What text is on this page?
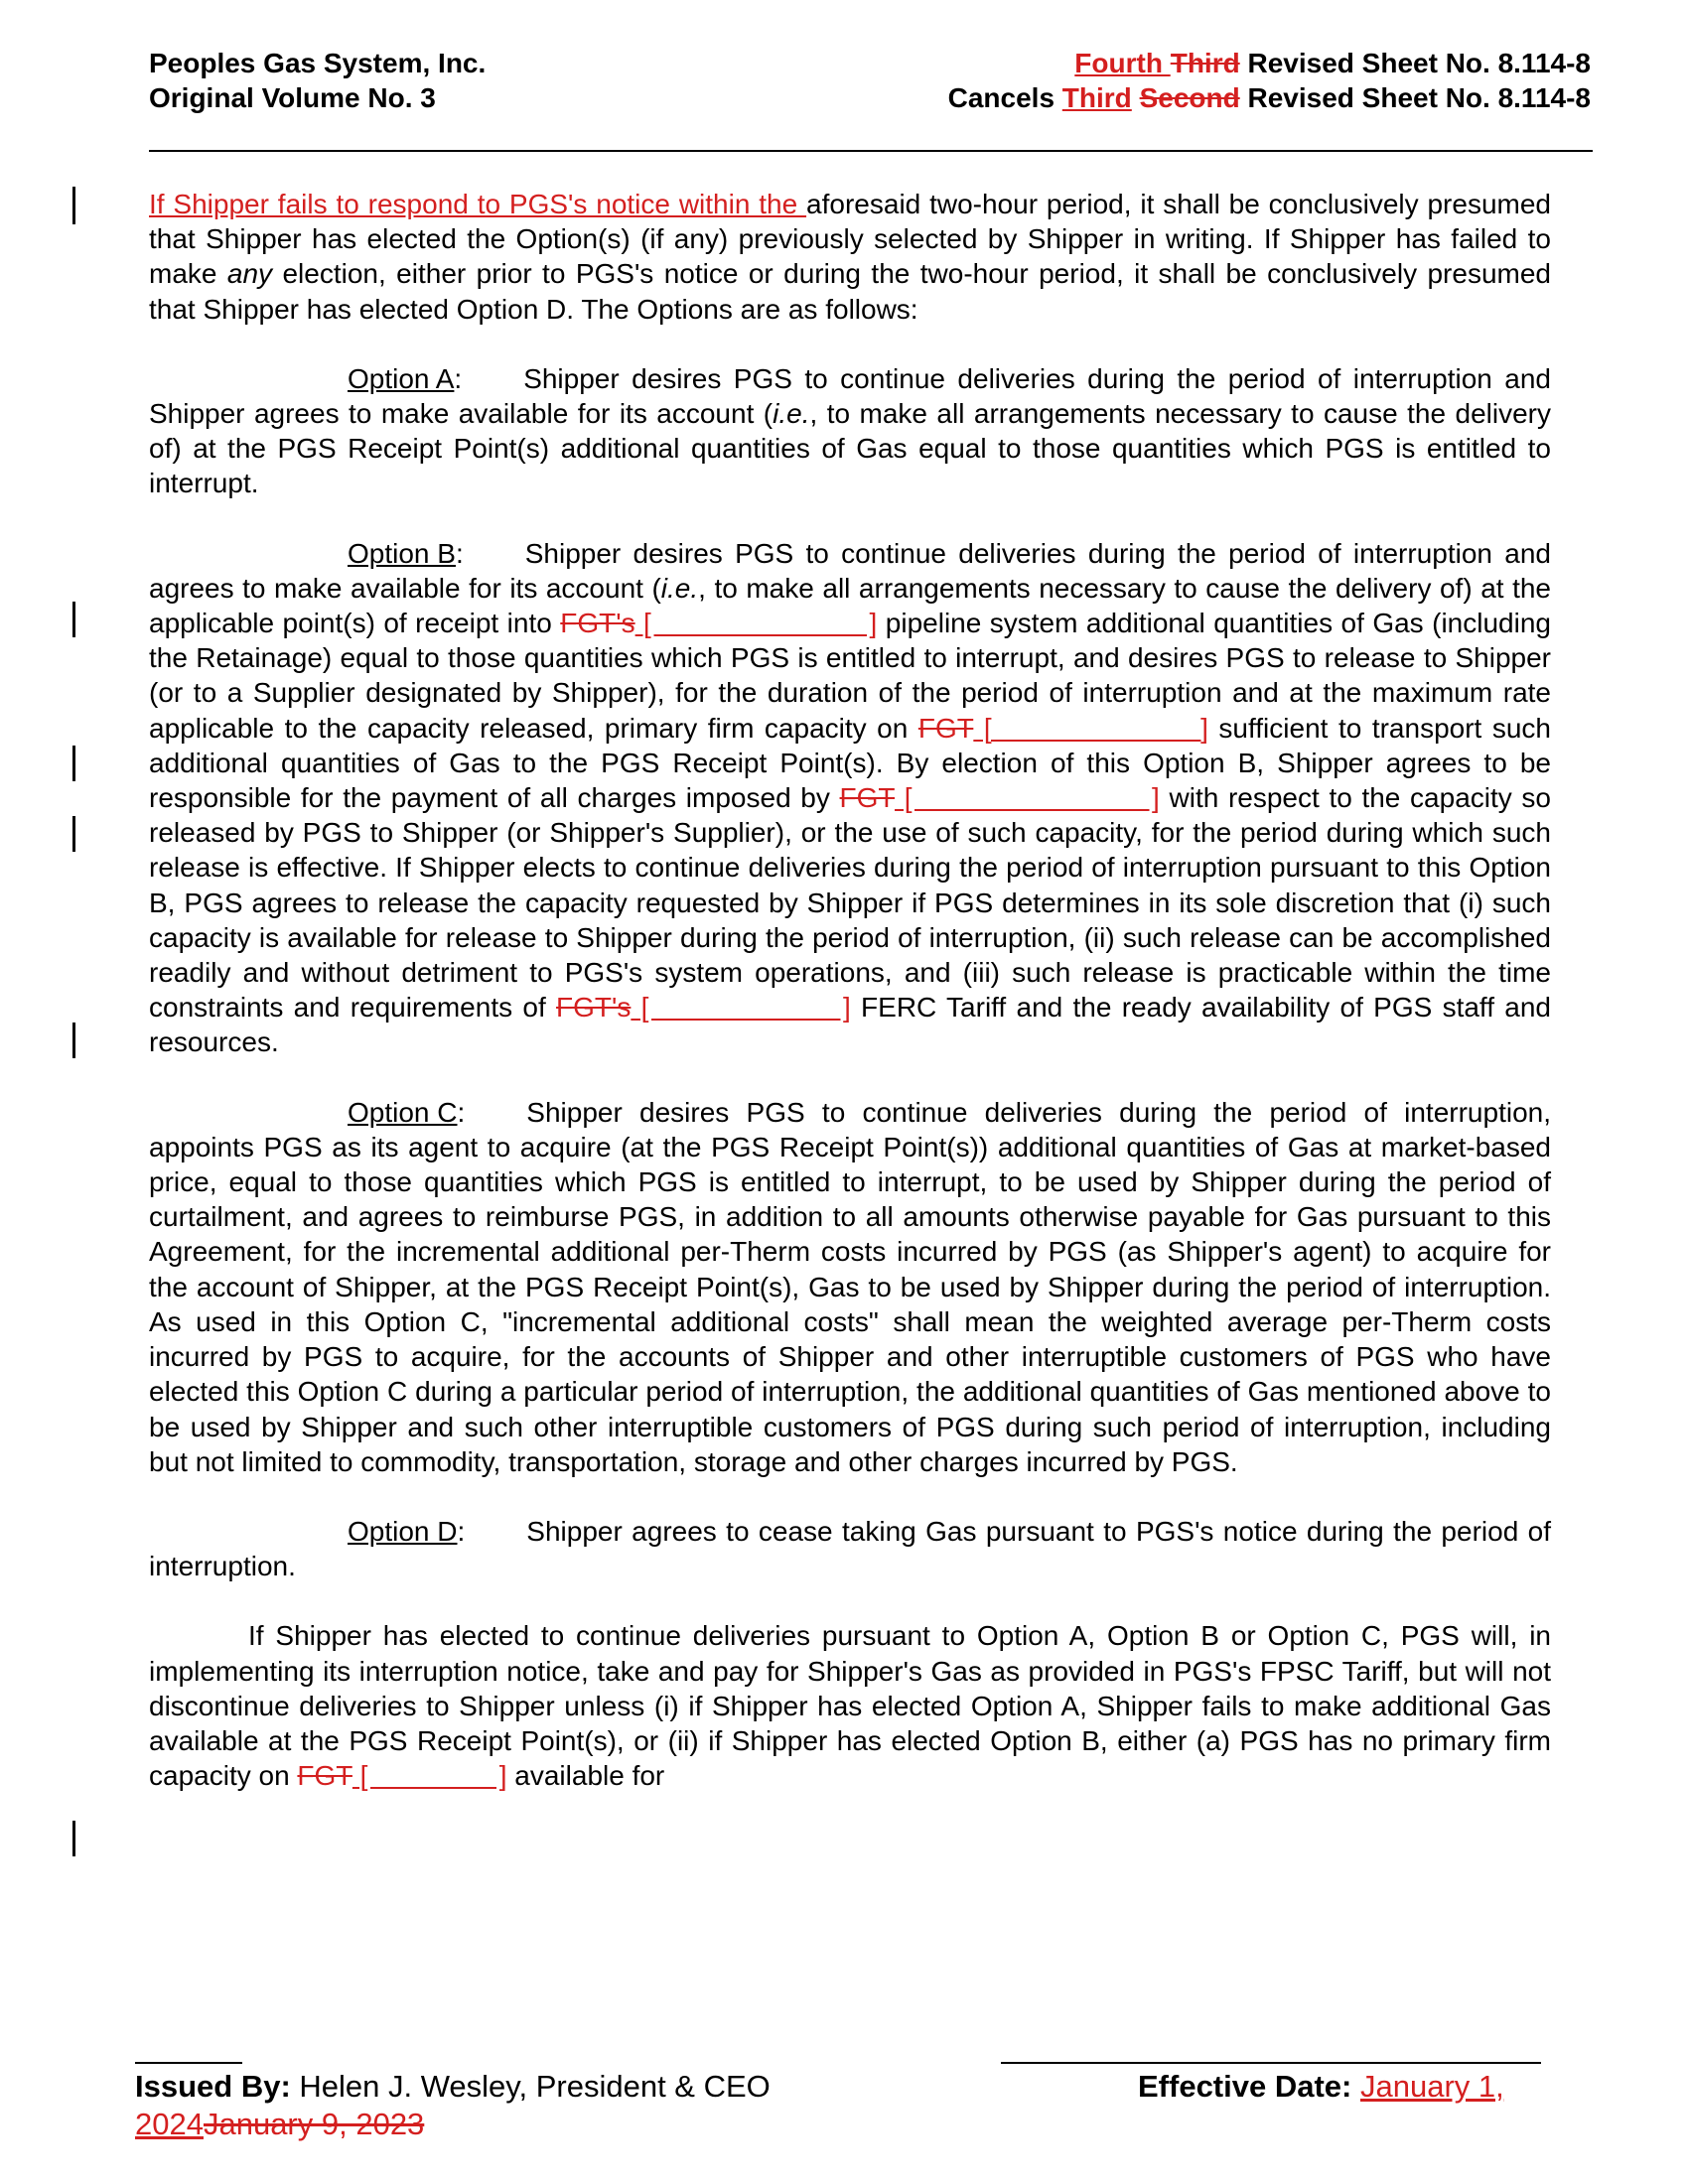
Peoples Gas System, Inc.
Original Volume No. 3
Fourth Third Revised Sheet No. 8.114-8
Cancels Third Second Revised Sheet No. 8.114-8

If Shipper fails to respond to PGS's notice within the aforesaid two-hour period, it shall be conclusively presumed that Shipper has elected the Option(s) (if any) previously selected by Shipper in writing. If Shipper has failed to make any election, either prior to PGS's notice or during the two-hour period, it shall be conclusively presumed that Shipper has elected Option D. The Options are as follows:

Option A: Shipper desires PGS to continue deliveries during the period of interruption and Shipper agrees to make available for its account (i.e., to make all arrangements necessary to cause the delivery of) at the PGS Receipt Point(s) additional quantities of Gas equal to those quantities which PGS is entitled to interrupt.

Option B: Shipper desires PGS to continue deliveries during the period of interruption and agrees to make available for its account (i.e., to make all arrangements necessary to cause the delivery of) at the applicable point(s) of receipt into FGT's [                          ] pipeline system additional quantities of Gas (including the Retainage) equal to those quantities which PGS is entitled to interrupt, and desires PGS to release to Shipper (or to a Supplier designated by Shipper), for the duration of the period of interruption and at the maximum rate applicable to the capacity released, primary firm capacity on FGT [                    ] sufficient to transport such additional quantities of Gas to the PGS Receipt Point(s). By election of this Option B, Shipper agrees to be responsible for the payment of all charges imposed by FGT [                         ] with respect to the capacity so released by PGS to Shipper (or Shipper's Supplier), or the use of such capacity, for the period during which such release is effective. If Shipper elects to continue deliveries during the period of interruption pursuant to this Option B, PGS agrees to release the capacity requested by Shipper if PGS determines in its sole discretion that (i) such capacity is available for release to Shipper during the period of interruption, (ii) such release can be accomplished readily and without detriment to PGS's system operations, and (iii) such release is practicable within the time constraints and requirements of FGT's [                   ] FERC Tariff and the ready availability of PGS staff and resources.

Option C: Shipper desires PGS to continue deliveries during the period of interruption, appoints PGS as its agent to acquire (at the PGS Receipt Point(s)) additional quantities of Gas at market-based price, equal to those quantities which PGS is entitled to interrupt, to be used by Shipper during the period of curtailment, and agrees to reimburse PGS, in addition to all amounts otherwise payable for Gas pursuant to this Agreement, for the incremental additional per-Therm costs incurred by PGS (as Shipper's agent) to acquire for the account of Shipper, at the PGS Receipt Point(s), Gas to be used by Shipper during the period of interruption. As used in this Option C, "incremental additional costs" shall mean the weighted average per-Therm costs incurred by PGS to acquire, for the accounts of Shipper and other interruptible customers of PGS who have elected this Option C during a particular period of interruption, the additional quantities of Gas mentioned above to be used by Shipper and such other interruptible customers of PGS during such period of interruption, including but not limited to commodity, transportation, storage and other charges incurred by PGS.

Option D: Shipper agrees to cease taking Gas pursuant to PGS's notice during the period of interruption.

If Shipper has elected to continue deliveries pursuant to Option A, Option B or Option C, PGS will, in implementing its interruption notice, take and pay for Shipper's Gas as provided in PGS's FPSC Tariff, but will not discontinue deliveries to Shipper unless (i) if Shipper has elected Option A, Shipper fails to make additional Gas available at the PGS Receipt Point(s), or (ii) if Shipper has elected Option B, either (a) PGS has no primary firm capacity on FGT [                 ] available for

Issued By: Helen J. Wesley, President & CEO	Effective Date: January 1,
2024January 9, 2023
